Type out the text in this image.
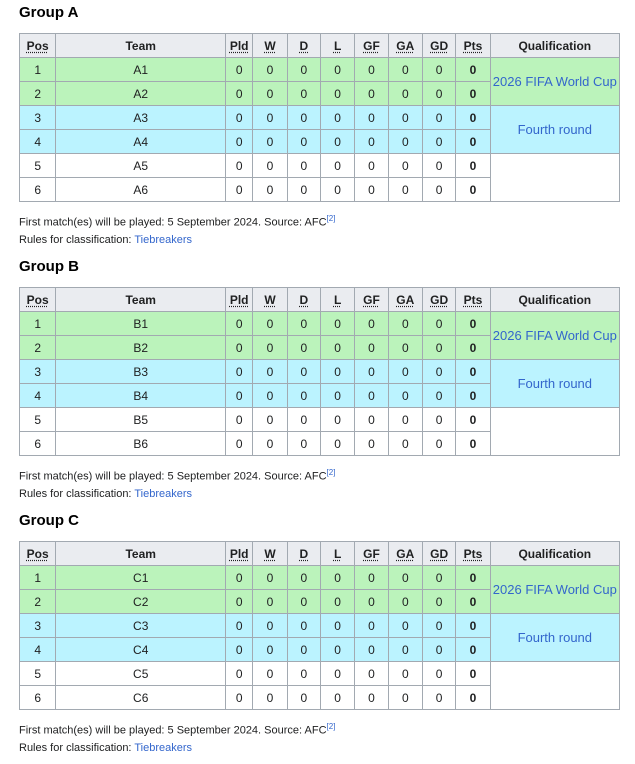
Group A
Pos	Team	Pld	W	D	L	GF	GA	GD	Pts	Qualification
1	A1	0	0	0	0	0	0	0	0	2026 FIFA World Cup
2	A2	0	0	0	0	0	0	0	0	
3	A3	0	0	0	0	0	0	0	0	Fourth round
4	A4	0	0	0	0	0	0	0	0	
5	A5	0	0	0	0	0	0	0	0	
6	A6	0	0	0	0	0	0	0	0	
First match(es) will be played: 5 September 2024. Source: AFC[2]
Rules for classification: Tiebreakers
Group B
Pos	Team	Pld	W	D	L	GF	GA	GD	Pts	Qualification
1	B1	0	0	0	0	0	0	0	0	2026 FIFA World Cup
2	B2	0	0	0	0	0	0	0	0	
3	B3	0	0	0	0	0	0	0	0	Fourth round
4	B4	0	0	0	0	0	0	0	0	
5	B5	0	0	0	0	0	0	0	0	
6	B6	0	0	0	0	0	0	0	0	
First match(es) will be played: 5 September 2024. Source: AFC[2]
Rules for classification: Tiebreakers
Group C
Pos	Team	Pld	W	D	L	GF	GA	GD	Pts	Qualification
1	C1	0	0	0	0	0	0	0	0	2026 FIFA World Cup
2	C2	0	0	0	0	0	0	0	0	
3	C3	0	0	0	0	0	0	0	0	Fourth round
4	C4	0	0	0	0	0	0	0	0	
5	C5	0	0	0	0	0	0	0	0	
6	C6	0	0	0	0	0	0	0	0	
First match(es) will be played: 5 September 2024. Source: AFC[2]
Rules for classification: Tiebreakers
